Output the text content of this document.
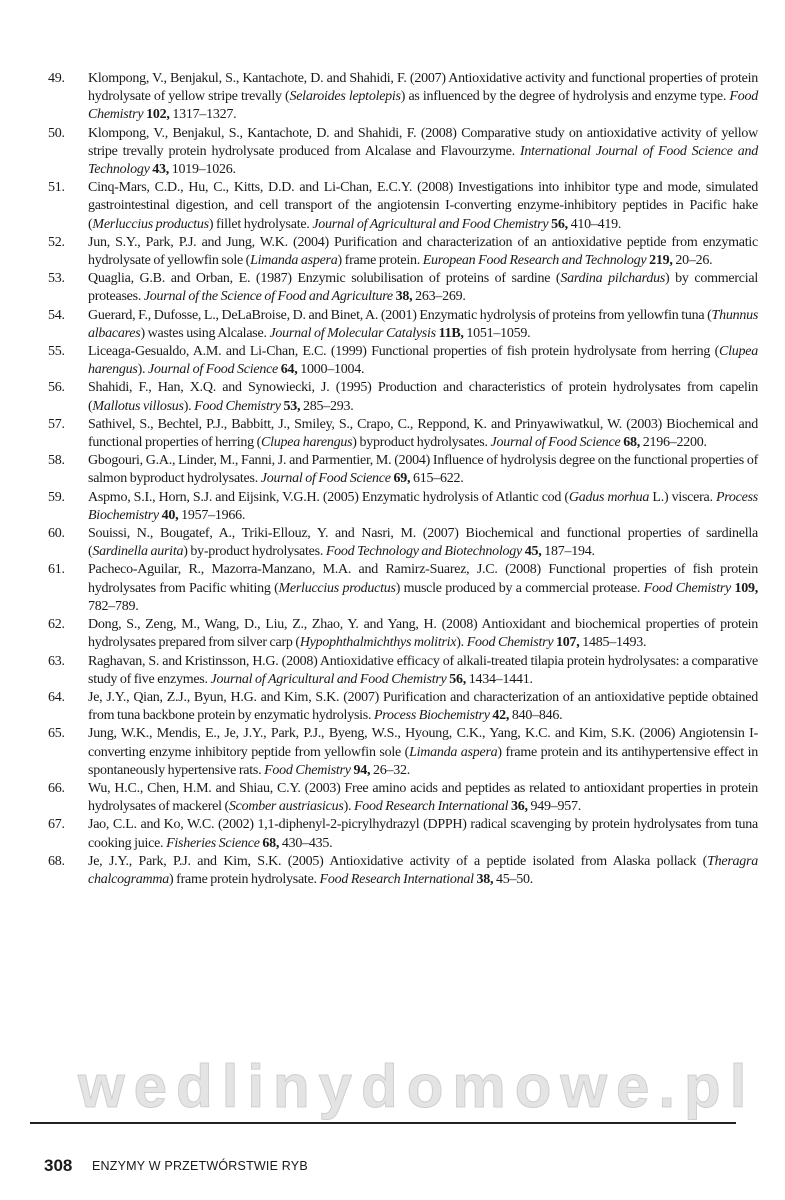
wedlinydomowe.pl
49.	Klompong, V., Benjakul, S., Kantachote, D. and Shahidi, F. (2007) Antioxidative activity and functional properties of protein hydrolysate of yellow stripe trevally (Selaroides leptolepis) as influenced by the degree of hydrolysis and enzyme type. Food Chemistry 102, 1317–1327.
50.	Klompong, V., Benjakul, S., Kantachote, D. and Shahidi, F. (2008) Comparative study on antioxidative activity of yellow stripe trevally protein hydrolysate produced from Alcalase and Flavourzyme. International Journal of Food Science and Technology 43, 1019–1026.
51.	Cinq-Mars, C.D., Hu, C., Kitts, D.D. and Li-Chan, E.C.Y. (2008) Investigations into inhibitor type and mode, simulated gastrointestinal digestion, and cell transport of the angiotensin I-converting enzyme-inhibitory peptides in Pacific hake (Merluccius productus) fillet hydrolysate. Journal of Agricultural and Food Chemistry 56, 410–419.
52.	Jun, S.Y., Park, P.J. and Jung, W.K. (2004) Purification and characterization of an antioxidative peptide from enzymatic hydrolysate of yellowfin sole (Limanda aspera) frame protein. European Food Research and Technology 219, 20–26.
53.	Quaglia, G.B. and Orban, E. (1987) Enzymic solubilisation of proteins of sardine (Sardina pilchardus) by commercial proteases. Journal of the Science of Food and Agriculture 38, 263–269.
54.	Guerard, F., Dufosse, L., DeLaBroise, D. and Binet, A. (2001) Enzymatic hydrolysis of proteins from yellowfin tuna (Thunnus albacares) wastes using Alcalase. Journal of Molecular Catalysis 11B, 1051–1059.
55.	Liceaga-Gesualdo, A.M. and Li-Chan, E.C. (1999) Functional properties of fish protein hydrolysate from herring (Clupea harengus). Journal of Food Science 64, 1000–1004.
56.	Shahidi, F., Han, X.Q. and Synowiecki, J. (1995) Production and characteristics of protein hydrolysates from capelin (Mallotus villosus). Food Chemistry 53, 285–293.
57.	Sathivel, S., Bechtel, P.J., Babbitt, J., Smiley, S., Crapo, C., Reppond, K. and Prinyawiwatkul, W. (2003) Biochemical and functional properties of herring (Clupea harengus) byproduct hydrolysates. Journal of Food Science 68, 2196–2200.
58.	Gbogouri, G.A., Linder, M., Fanni, J. and Parmentier, M. (2004) Influence of hydrolysis degree on the functional properties of salmon byproduct hydrolysates. Journal of Food Science 69, 615–622.
59.	Aspmo, S.I., Horn, S.J. and Eijsink, V.G.H. (2005) Enzymatic hydrolysis of Atlantic cod (Gadus morhua L.) viscera. Process Biochemistry 40, 1957–1966.
60.	Souissi, N., Bougatef, A., Triki-Ellouz, Y. and Nasri, M. (2007) Biochemical and functional properties of sardinella (Sardinella aurita) by-product hydrolysates. Food Technology and Biotechnology 45, 187–194.
61.	Pacheco-Aguilar, R., Mazorra-Manzano, M.A. and Ramirz-Suarez, J.C. (2008) Functional properties of fish protein hydrolysates from Pacific whiting (Merluccius productus) muscle produced by a commercial protease. Food Chemistry 109, 782–789.
62.	Dong, S., Zeng, M., Wang, D., Liu, Z., Zhao, Y. and Yang, H. (2008) Antioxidant and biochemical properties of protein hydrolysates prepared from silver carp (Hypophthalmichthys molitrix). Food Chemistry 107, 1485–1493.
63.	Raghavan, S. and Kristinsson, H.G. (2008) Antioxidative efficacy of alkali-treated tilapia protein hydrolysates: a comparative study of five enzymes. Journal of Agricultural and Food Chemistry 56, 1434–1441.
64.	Je, J.Y., Qian, Z.J., Byun, H.G. and Kim, S.K. (2007) Purification and characterization of an antioxidative peptide obtained from tuna backbone protein by enzymatic hydrolysis. Process Biochemistry 42, 840–846.
65.	Jung, W.K., Mendis, E., Je, J.Y., Park, P.J., Byeng, W.S., Hyoung, C.K., Yang, K.C. and Kim, S.K. (2006) Angiotensin I-converting enzyme inhibitory peptide from yellowfin sole (Limanda aspera) frame protein and its antihypertensive effect in spontaneously hypertensive rats. Food Chemistry 94, 26–32.
66.	Wu, H.C., Chen, H.M. and Shiau, C.Y. (2003) Free amino acids and peptides as related to antioxidant properties in protein hydrolysates of mackerel (Scomber austriasicus). Food Research International 36, 949–957.
67.	Jao, C.L. and Ko, W.C. (2002) 1,1-diphenyl-2-picrylhydrazyl (DPPH) radical scavenging by protein hydrolysates from tuna cooking juice. Fisheries Science 68, 430–435.
68.	Je, J.Y., Park, P.J. and Kim, S.K. (2005) Antioxidative activity of a peptide isolated from Alaska pollack (Theragra chalcogramma) frame protein hydrolysate. Food Research International 38, 45–50.
308 ENZYMY W PRZETWÓRSTWIE RYB
